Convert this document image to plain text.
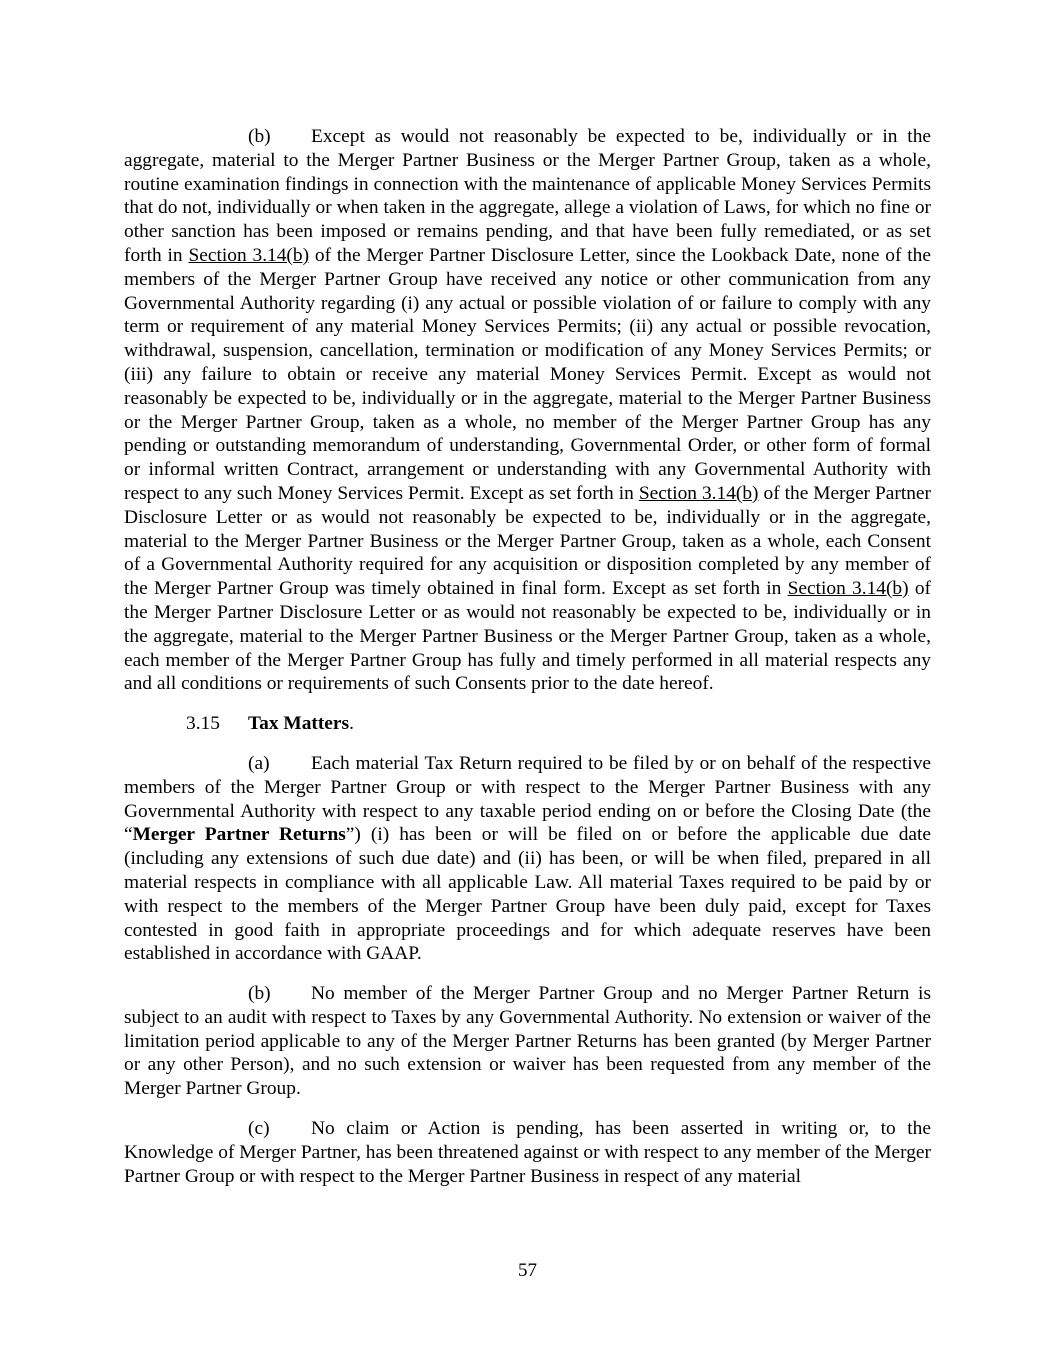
(b) Except as would not reasonably be expected to be, individually or in the aggregate, material to the Merger Partner Business or the Merger Partner Group, taken as a whole, routine examination findings in connection with the maintenance of applicable Money Services Permits that do not, individually or when taken in the aggregate, allege a violation of Laws, for which no fine or other sanction has been imposed or remains pending, and that have been fully remediated, or as set forth in Section 3.14(b) of the Merger Partner Disclosure Letter, since the Lookback Date, none of the members of the Merger Partner Group have received any notice or other communication from any Governmental Authority regarding (i) any actual or possible violation of or failure to comply with any term or requirement of any material Money Services Permits; (ii) any actual or possible revocation, withdrawal, suspension, cancellation, termination or modification of any Money Services Permits; or (iii) any failure to obtain or receive any material Money Services Permit. Except as would not reasonably be expected to be, individually or in the aggregate, material to the Merger Partner Business or the Merger Partner Group, taken as a whole, no member of the Merger Partner Group has any pending or outstanding memorandum of understanding, Governmental Order, or other form of formal or informal written Contract, arrangement or understanding with any Governmental Authority with respect to any such Money Services Permit. Except as set forth in Section 3.14(b) of the Merger Partner Disclosure Letter or as would not reasonably be expected to be, individually or in the aggregate, material to the Merger Partner Business or the Merger Partner Group, taken as a whole, each Consent of a Governmental Authority required for any acquisition or disposition completed by any member of the Merger Partner Group was timely obtained in final form. Except as set forth in Section 3.14(b) of the Merger Partner Disclosure Letter or as would not reasonably be expected to be, individually or in the aggregate, material to the Merger Partner Business or the Merger Partner Group, taken as a whole, each member of the Merger Partner Group has fully and timely performed in all material respects any and all conditions or requirements of such Consents prior to the date hereof.

3.15 Tax Matters.

(a) Each material Tax Return required to be filed by or on behalf of the respective members of the Merger Partner Group or with respect to the Merger Partner Business with any Governmental Authority with respect to any taxable period ending on or before the Closing Date (the “Merger Partner Returns”) (i) has been or will be filed on or before the applicable due date (including any extensions of such due date) and (ii) has been, or will be when filed, prepared in all material respects in compliance with all applicable Law. All material Taxes required to be paid by or with respect to the members of the Merger Partner Group have been duly paid, except for Taxes contested in good faith in appropriate proceedings and for which adequate reserves have been established in accordance with GAAP.

(b) No member of the Merger Partner Group and no Merger Partner Return is subject to an audit with respect to Taxes by any Governmental Authority. No extension or waiver of the limitation period applicable to any of the Merger Partner Returns has been granted (by Merger Partner or any other Person), and no such extension or waiver has been requested from any member of the Merger Partner Group.

(c) No claim or Action is pending, has been asserted in writing or, to the Knowledge of Merger Partner, has been threatened against or with respect to any member of the Merger Partner Group or with respect to the Merger Partner Business in respect of any material

57
